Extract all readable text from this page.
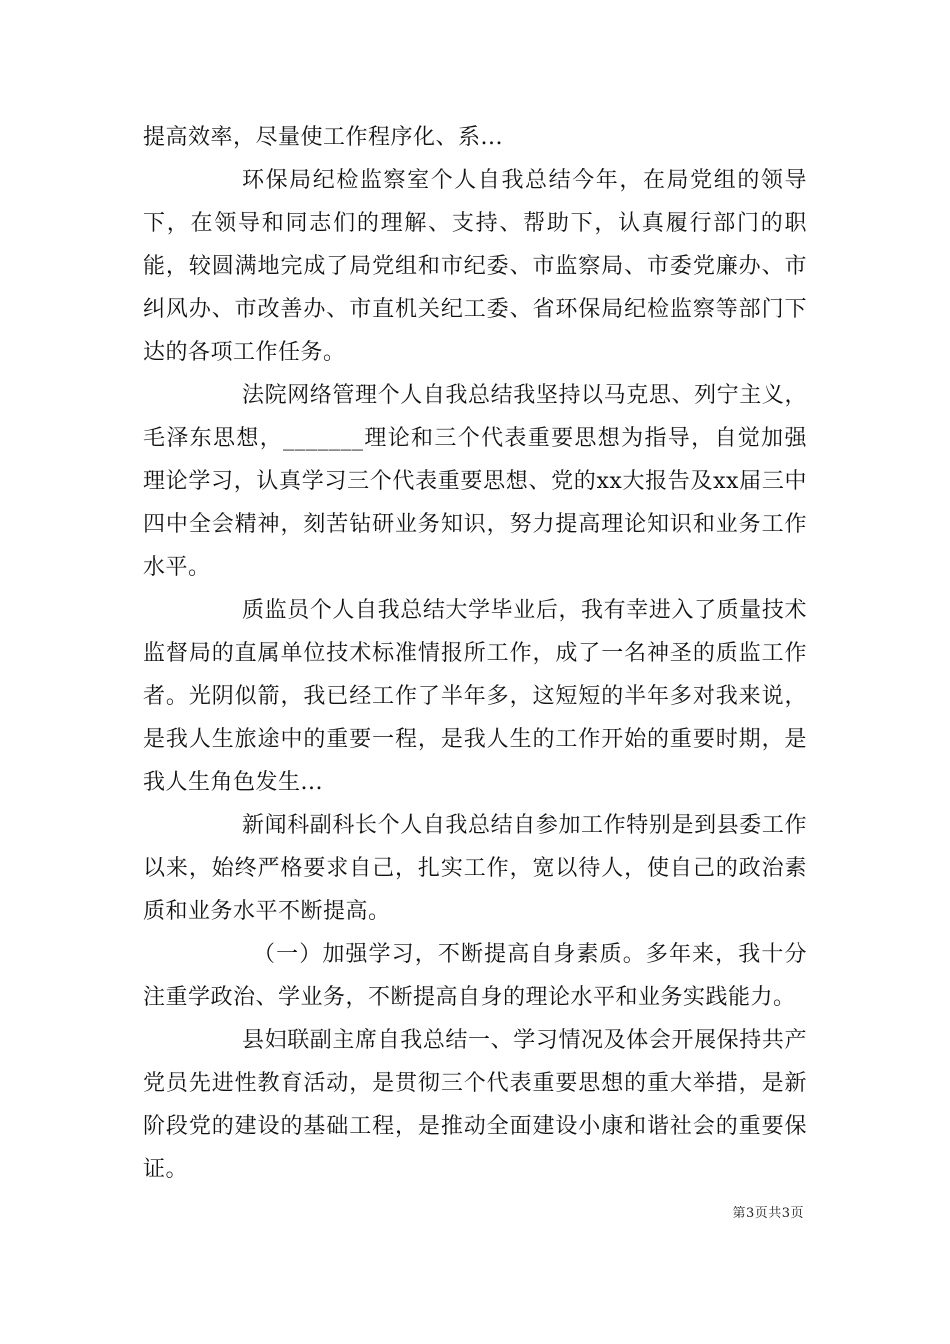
提高效率，尽量使工作程序化、系...

环保局纪检监察室个人自我总结今年，在局党组的领导下，在领导和同志们的理解、支持、帮助下，认真履行部门的职能，较圆满地完成了局党组和市纪委、市监察局、市委党廉办、市纠风办、市改善办、市直机关纪工委、省环保局纪检监察等部门下达的各项工作任务。

法院网络管理个人自我总结我坚持以马克思、列宁主义，毛泽东思想，_______理论和三个代表重要思想为指导，自觉加强理论学习，认真学习三个代表重要思想、党的xx大报告及xx届三中四中全会精神，刻苦钻研业务知识，努力提高理论知识和业务工作水平。

质监员个人自我总结大学毕业后，我有幸进入了质量技术监督局的直属单位技术标准情报所工作，成了一名神圣的质监工作者。光阴似箭，我已经工作了半年多，这短短的半年多对我来说，是我人生旅途中的重要一程，是我人生的工作开始的重要时期，是我人生角色发生...

新闻科副科长个人自我总结自参加工作特别是到县委工作以来，始终严格要求自己，扎实工作，宽以待人，使自己的政治素质和业务水平不断提高。

（一）加强学习，不断提高自身素质。多年来，我十分注重学政治、学业务，不断提高自身的理论水平和业务实践能力。

县妇联副主席自我总结一、学习情况及体会开展保持共产党员先进性教育活动，是贯彻三个代表重要思想的重大举措，是新阶段党的建设的基础工程，是推动全面建设小康和谐社会的重要保证。

第3页共3页
